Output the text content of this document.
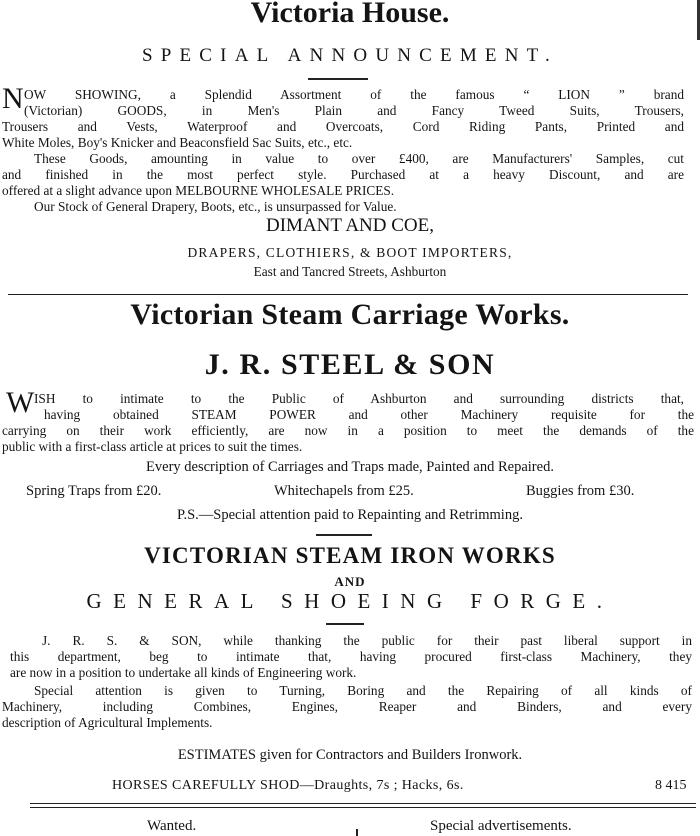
Victoria House.
SPECIAL ANNOUNCEMENT.
N OW SHOWING, a Splendid Assortment of the famous “ LION ” brand
(Victorian) GOODS, in Men's Plain and Fancy Tweed Suits, Trousers,
Trousers and Vests, Waterproof and Overcoats, Cord Riding Pants, Printed and
White Moles, Boy's Knicker and Beaconsfield Sac Suits, etc., etc.
These Goods, amounting in value to over £400, are Manufacturers' Samples, cut
and finished in the most perfect style. Purchased at a heavy Discount, and are
offered at a slight advance upon MELBOURNE WHOLESALE PRICES.
Our Stock of General Drapery, Boots, etc., is unsurpassed for Value.
DIMANT AND COE,
DRAPERS, CLOTHIERS, & BOOT IMPORTERS,
East and Tancred Streets, Ashburton
Victorian Steam Carriage Works.
J. R. STEEL & SON
W ISH to intimate to the Public of Ashburton and surrounding districts that,
having obtained STEAM POWER and other Machinery requisite for the
carrying on their work efficiently, are now in a position to meet the demands of the
public with a first-class article at prices to suit the times.
Every description of Carriages and Traps made, Painted and Repaired.
Spring Traps from £20.	Whitechapels from £25.	Buggies from £30.
P.S.—Special attention paid to Repainting and Retrimming.
VICTORIAN STEAM IRON WORKS
AND
GENERAL SHOEING FORGE.
J. R. S. & SON, while thanking the public for their past liberal support in
this department, beg to intimate that, having procured first-class Machinery, they
are now in a position to undertake all kinds of Engineering work.
Special attention is given to Turning, Boring and the Repairing of all kinds of
Machinery, including Combines, Engines, Reaper and Binders, and every
description of Agricultural Implements.
ESTIMATES given for Contractors and Builders Ironwork.
HORSES CAREFULLY SHOD—Draughts, 7s ; Hacks, 6s.	8 415
Wanted.	Special advertisements.
